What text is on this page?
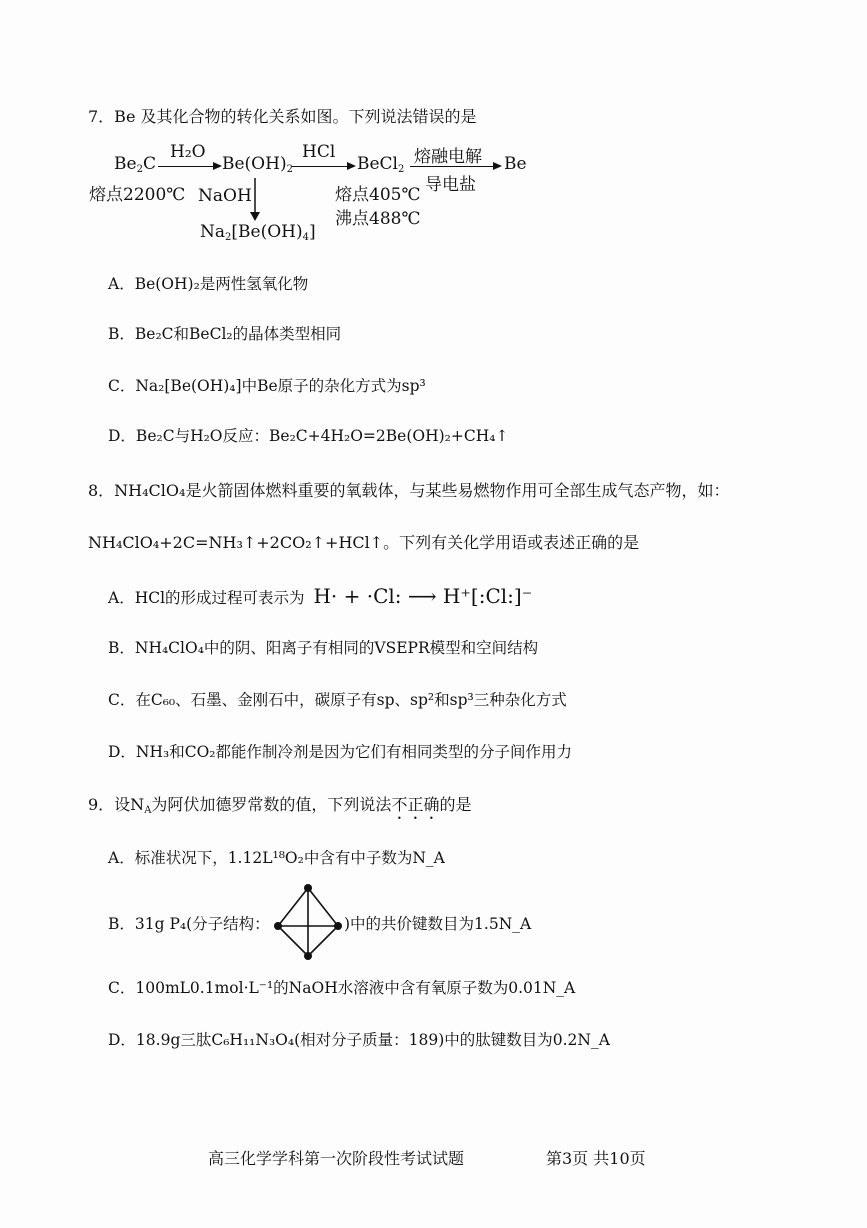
7．Be 及其化合物的转化关系如图。下列说法错误的是
$Be_2C$
熔点2200℃
H₂O
$Be(OH)_2$
NaOH
$Na_2[Be(OH)_4]$
HCl
BeCl$_2$
熔点405℃
沸点488℃
熔融电解
导电盐
Be
A．Be(OH)₂是两性氢氧化物
B．Be₂C和BeCl₂的晶体类型相同
C．Na₂[Be(OH)₄]中Be原子的杂化方式为sp³
D．Be₂C与H₂O反应：Be₂C+4H₂O=2Be(OH)₂+CH₄↑
8．NH₄ClO₄是火箭固体燃料重要的氧载体，与某些易燃物作用可全部生成气态产物，如：
NH₄ClO₄+2C=NH₃↑+2CO₂↑+HCl↑。下列有关化学用语或表述正确的是
A．HCl的形成过程可表示为 H· + ·Cl: ⟶ H⁺[:Cl:]⁻
B．NH₄ClO₄中的阴、阳离子有相同的VSEPR模型和空间结构
C．在C₆₀、石墨、金刚石中，碳原子有sp、sp²和sp³三种杂化方式
D．NH₃和CO₂都能作制冷剂是因为它们有相同类型的分子间作用力
9．设$N_A$为阿伏加德罗常数的值，下列说法不正确的是
A．标准状况下，1.12L¹⁸O₂中含有中子数为N_A
B．31g P₄(分子结构：	)中的共价键数目为1.5N_A
C．100mL0.1mol·L⁻¹的NaOH水溶液中含有氧原子数为0.01N_A
D．18.9g三肽C₆H₁₁N₃O₄(相对分子质量：189)中的肽键数目为0.2N_A
高三化学学科第一次阶段性考试试题	第3页 共10页
